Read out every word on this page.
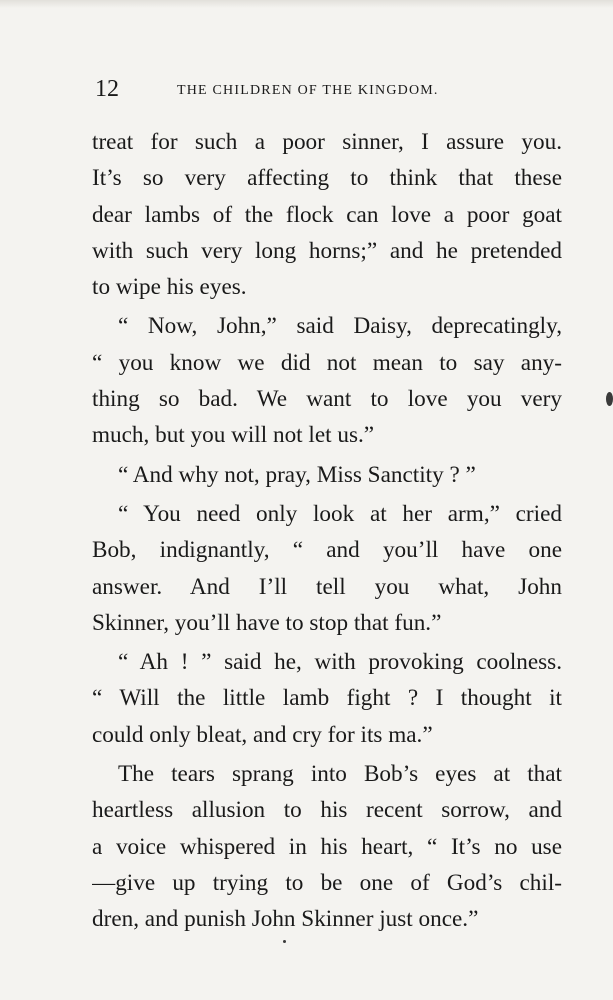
12	THE CHILDREN OF THE KINGDOM.
treat for such a poor sinner, I assure you.
It’s so very affecting to think that these
dear lambs of the flock can love a poor goat
with such very long horns;” and he pretended
to wipe his eyes.
“ Now, John,” said Daisy, deprecatingly,
“ you know we did not mean to say any-
thing so bad. We want to love you very
much, but you will not let us.”
“ And why not, pray, Miss Sanctity ? ”
“ You need only look at her arm,” cried
Bob, indignantly, “ and you’ll have one
answer. And I’ll tell you what, John
Skinner, you’ll have to stop that fun.”
“ Ah ! ” said he, with provoking coolness.
“ Will the little lamb fight ? I thought it
could only bleat, and cry for its ma.”
The tears sprang into Bob’s eyes at that
heartless allusion to his recent sorrow, and
a voice whispered in his heart, “ It’s no use
—give up trying to be one of God’s chil-
dren, and punish John Skinner just once.”
